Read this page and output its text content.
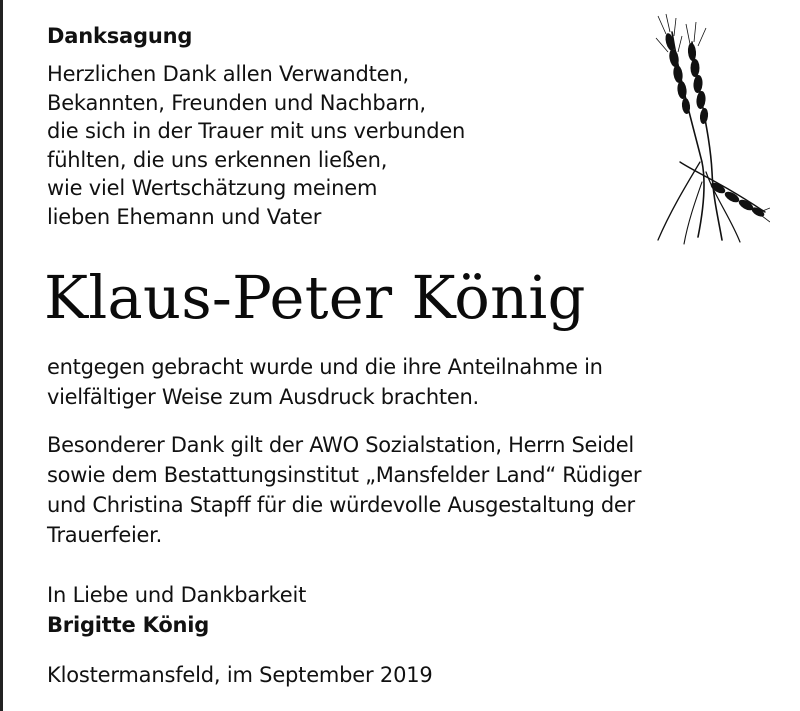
Danksagung
Herzlichen Dank allen Verwandten,
Bekannten, Freunden und Nachbarn,
die sich in der Trauer mit uns verbunden
fühlten, die uns erkennen ließen,
wie viel Wertschätzung meinem
lieben Ehemann und Vater
Klaus-Peter König
entgegen gebracht wurde und die ihre Anteilnahme in
vielfältiger Weise zum Ausdruck brachten.
Besonderer Dank gilt der AWO Sozialstation, Herrn Seidel
sowie dem Bestattungsinstitut „Mansfelder Land“ Rüdiger
und Christina Stapff für die würdevolle Ausgestaltung der
Trauerfeier.
In Liebe und Dankbarkeit
Brigitte König
Klostermansfeld, im September 2019
